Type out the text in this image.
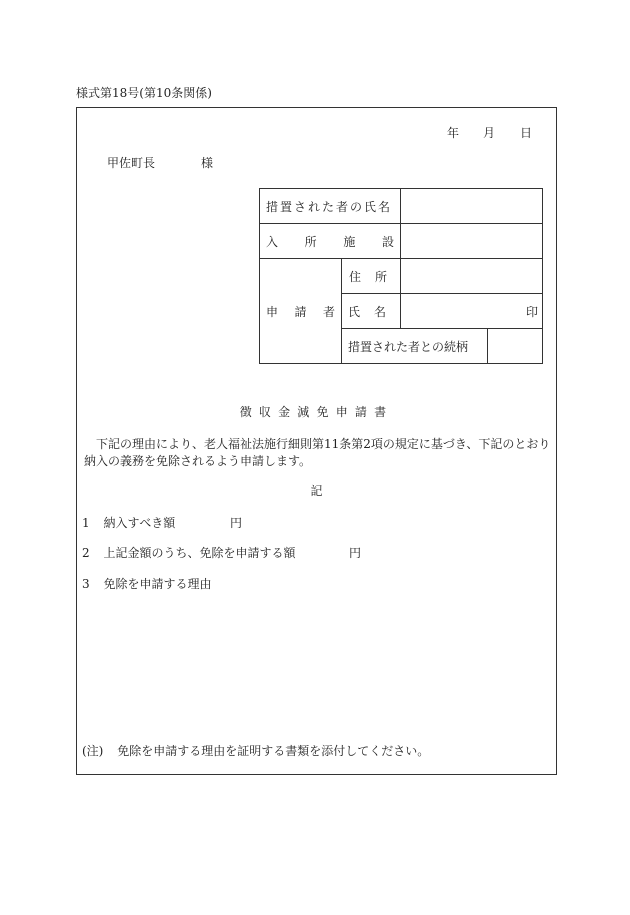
様式第18号(第10条関係)
年 月 日
甲佐町長	様
措置された者の氏名			

入 所 施 設			

申 請 者	住 所		

	氏 名	印	
	措置された者との続柄		
徴収金減免申請書
下記の理由により、老人福祉法施行細則第11条第2項の規定に基づき、下記のとおり納入の義務を免除されるよう申請します。
記
1 納入すべき額	円
2 上記金額のうち、免除を申請する額	円
3 免除を申請する理由
(注) 免除を申請する理由を証明する書類を添付してください。
